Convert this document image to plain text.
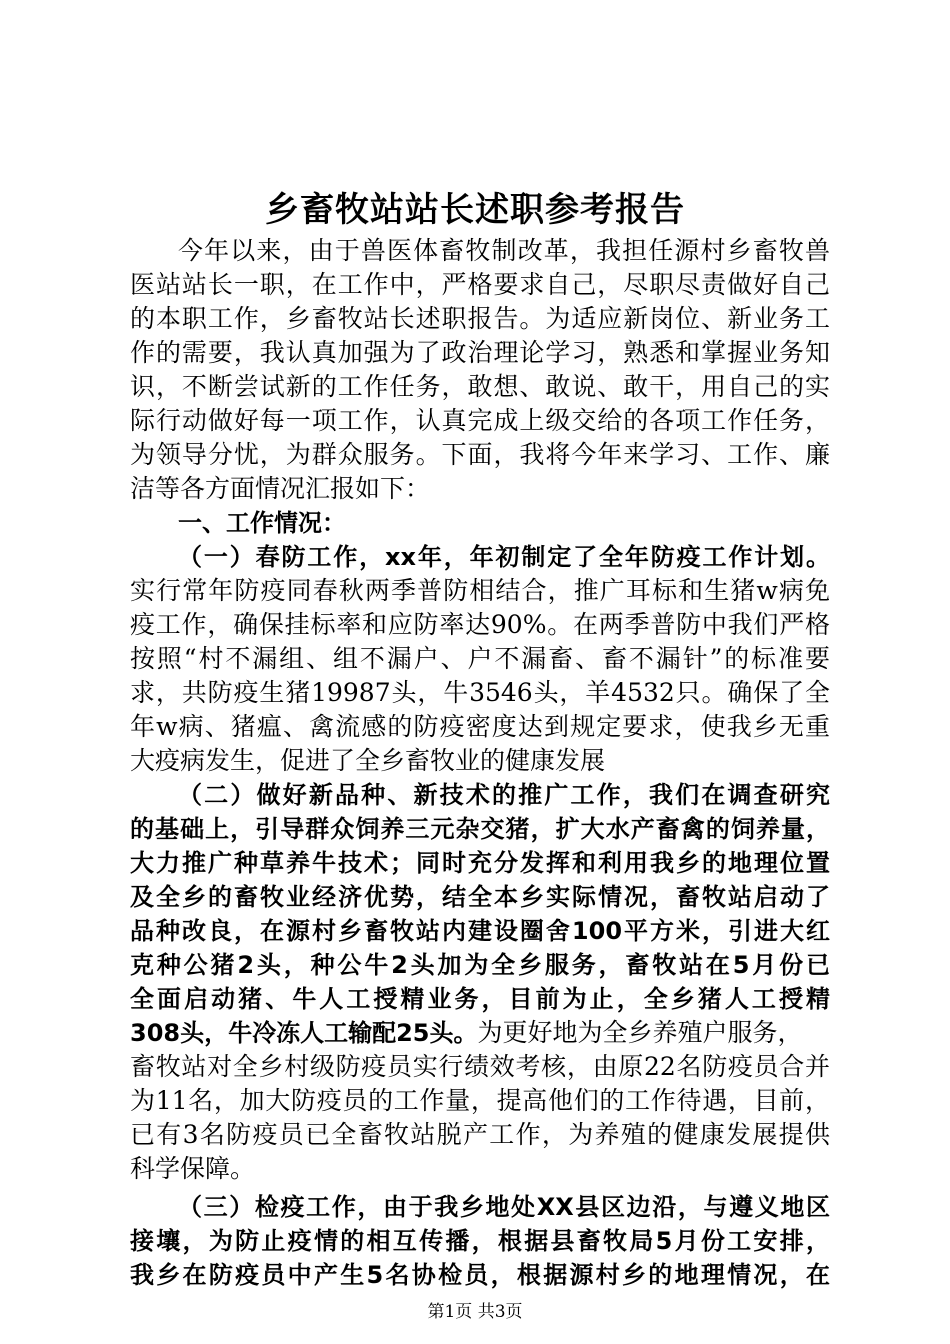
乡畜牧站站长述职参考报告
今年以来，由于兽医体畜牧制改革，我担任源村乡畜牧兽
医站站长一职，在工作中，严格要求自己，尽职尽责做好自己
的本职工作，乡畜牧站长述职报告。为适应新岗位、新业务工
作的需要，我认真加强为了政治理论学习，熟悉和掌握业务知
识，不断尝试新的工作任务，敢想、敢说、敢干，用自己的实
际行动做好每一项工作，认真完成上级交给的各项工作任务，
为领导分忧，为群众服务。下面，我将今年来学习、工作、廉
洁等各方面情况汇报如下：
一、工作情况：
（一）春防工作，xx年，年初制定了全年防疫工作计划。
实行常年防疫同春秋两季普防相结合，推广耳标和生猪w病免
疫工作，确保挂标率和应防率达90%。在两季普防中我们严格
按照“村不漏组、组不漏户、户不漏畜、畜不漏针”的标准要
求，共防疫生猪19987头，牛3546头，羊4532只。确保了全
年w病、猪瘟、禽流感的防疫密度达到规定要求，使我乡无重
大疫病发生，促进了全乡畜牧业的健康发展
（二）做好新品种、新技术的推广工作，我们在调查研究
的基础上，引导群众饲养三元杂交猪，扩大水产畜禽的饲养量，
大力推广种草养牛技术；同时充分发挥和利用我乡的地理位置
及全乡的畜牧业经济优势，结全本乡实际情况，畜牧站启动了
品种改良，在源村乡畜牧站内建设圈舍100平方米，引进大红
克种公猪2头，种公牛2头加为全乡服务，畜牧站在5月份已
全面启动猪、牛人工授精业务，目前为止，全乡猪人工授精
308头，牛冷冻人工输配25头。为更好地为全乡养殖户服务，
畜牧站对全乡村级防疫员实行绩效考核，由原22名防疫员合并
为11名，加大防疫员的工作量，提高他们的工作待遇，目前，
已有3名防疫员已全畜牧站脱产工作，为养殖的健康发展提供
科学保障。
（三）检疫工作，由于我乡地处XX县区边沿，与遵义地区
第1页 共3页
接壤，为防止疫情的相互传播，根据县畜牧局5月份工安排，
我乡在防疫员中产生5名协检员，根据源村乡的地理情况，在
